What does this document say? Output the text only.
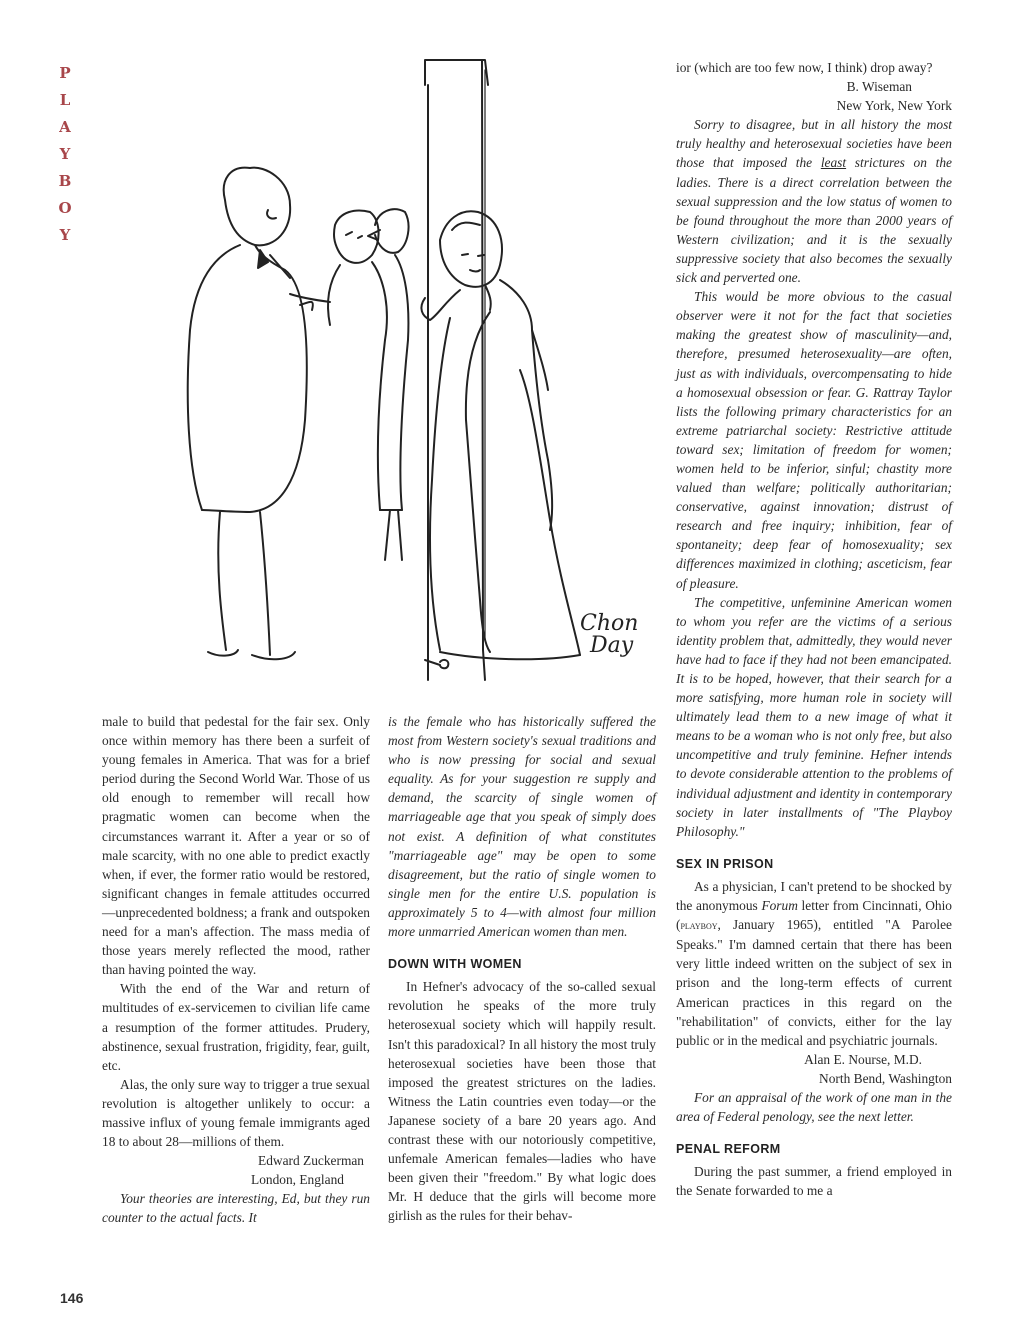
P
L
A
Y
B
O
Y
Chon
Day

male to build that pedestal for the fair sex. Only once within memory has there been a surfeit of young females in America. That was for a brief period during the Second World War. Those of us old enough to remember will recall how pragmatic women can become when the circumstances warrant it. After a year or so of male scarcity, with no one able to predict exactly when, if ever, the former ratio would be restored, significant changes in female attitudes occurred—unprecedented boldness; a frank and outspoken need for a man's affection. The mass media of those years merely reflected the mood, rather than having pointed the way.

With the end of the War and return of multitudes of ex-servicemen to civilian life came a resumption of the former attitudes. Prudery, abstinence, sexual frustration, frigidity, fear, guilt, etc.

Alas, the only sure way to trigger a true sexual revolution is altogether unlikely to occur: a massive influx of young female immigrants aged 18 to about 28—millions of them.

Edward Zuckerman

London, England

Your theories are interesting, Ed, but they run counter to the actual facts. It

is the female who has historically suffered the most from Western society's sexual traditions and who is now pressing for social and sexual equality. As for your suggestion re supply and demand, the scarcity of single women of marriageable age that you speak of simply does not exist. A definition of what constitutes "marriageable age" may be open to some disagreement, but the ratio of single women to single men for the entire U.S. population is approximately 5 to 4—with almost four million more unmarried American women than men.

DOWN WITH WOMEN

In Hefner's advocacy of the so-called sexual revolution he speaks of the more truly heterosexual society which will happily result. Isn't this paradoxical? In all history the most truly heterosexual societies have been those that imposed the greatest strictures on the ladies. Witness the Latin countries even today—or the Japanese society of a bare 20 years ago. And contrast these with our notoriously competitive, unfemale American females—ladies who have been given their "freedom." By what logic does Mr. H deduce that the girls will become more girlish as the rules for their behav-

ior (which are too few now, I think) drop away?

B. Wiseman

New York, New York

Sorry to disagree, but in all history the most truly healthy and heterosexual societies have been those that imposed the least strictures on the ladies. There is a direct correlation between the sexual suppression and the low status of women to be found throughout the more than 2000 years of Western civilization; and it is the sexually suppressive society that also becomes the sexually sick and perverted one.

This would be more obvious to the casual observer were it not for the fact that societies making the greatest show of masculinity—and, therefore, presumed heterosexuality—are often, just as with individuals, overcompensating to hide a homosexual obsession or fear. G. Rattray Taylor lists the following primary characteristics for an extreme patriarchal society: Restrictive attitude toward sex; limitation of freedom for women; women held to be inferior, sinful; chastity more valued than welfare; politically authoritarian; conservative, against innovation; distrust of research and free inquiry; inhibition, fear of spontaneity; deep fear of homosexuality; sex differences maximized in clothing; asceticism, fear of pleasure.

The competitive, unfeminine American women to whom you refer are the victims of a serious identity problem that, admittedly, they would never have had to face if they had not been emancipated. It is to be hoped, however, that their search for a more satisfying, more human role in society will ultimately lead them to a new image of what it means to be a woman who is not only free, but also uncompetitive and truly feminine. Hefner intends to devote considerable attention to the problems of individual adjustment and identity in contemporary society in later installments of "The Playboy Philosophy."

SEX IN PRISON

As a physician, I can't pretend to be shocked by the anonymous Forum letter from Cincinnati, Ohio (playboy, January 1965), entitled "A Parolee Speaks." I'm damned certain that there has been very little indeed written on the subject of sex in prison and the long-term effects of current American practices in this regard on the "rehabilitation" of convicts, either for the lay public or in the medical and psychiatric journals.

Alan E. Nourse, M.D.

North Bend, Washington

For an appraisal of the work of one man in the area of Federal penology, see the next letter.

PENAL REFORM

During the past summer, a friend employed in the Senate forwarded to me a

146
